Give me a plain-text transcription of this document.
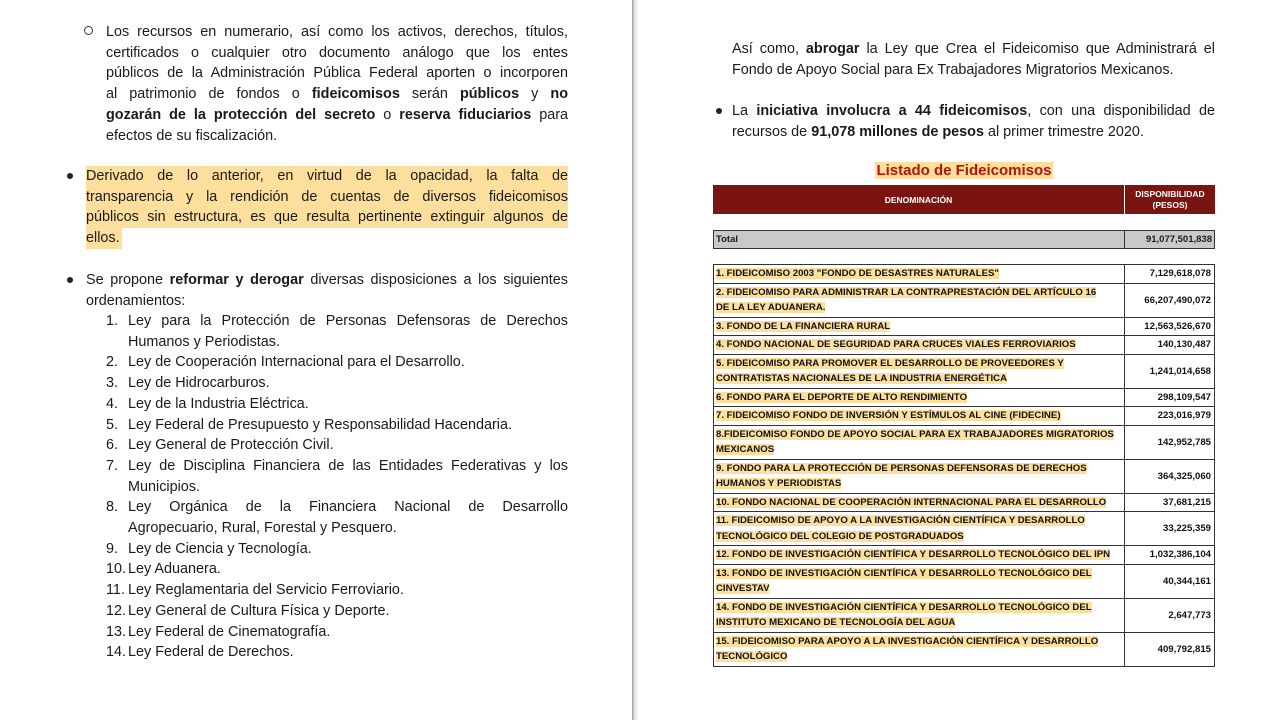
Los recursos en numerario, así como los activos, derechos, títulos,
certificados o cualquier otro documento análogo que los entes
públicos de la Administración Pública Federal aporten o incorporen
al patrimonio de fondos o fideicomisos serán públicos y no
gozarán de la protección del secreto o reserva fiduciarios para
efectos de su fiscalización.
Derivado de lo anterior, en virtud de la opacidad, la falta de
transparencia y la rendición de cuentas de diversos fideicomisos
públicos sin estructura, es que resulta pertinente extinguir algunos de
ellos.
Se propone reformar y derogar diversas disposiciones a los siguientes
ordenamientos:
1. Ley para la Protección de Personas Defensoras de Derechos
Humanos y Periodistas.
2. Ley de Cooperación Internacional para el Desarrollo.
3. Ley de Hidrocarburos.
4. Ley de la Industria Eléctrica.
5. Ley Federal de Presupuesto y Responsabilidad Hacendaria.
6. Ley General de Protección Civil.
7. Ley de Disciplina Financiera de las Entidades Federativas y los
Municipios.
8. Ley Orgánica de la Financiera Nacional de Desarrollo
Agropecuario, Rural, Forestal y Pesquero.
9. Ley de Ciencia y Tecnología.
10. Ley Aduanera.
11. Ley Reglamentaria del Servicio Ferroviario.
12. Ley General de Cultura Física y Deporte.
13. Ley Federal de Cinematografía.
14. Ley Federal de Derechos.
Así como, abrogar la Ley que Crea el Fideicomiso que Administrará el
Fondo de Apoyo Social para Ex Trabajadores Migratorios Mexicanos.
La iniciativa involucra a 44 fideicomisos, con una disponibilidad de
recursos de 91,078 millones de pesos al primer trimestre 2020.
Listado de Fideicomisos
DENOMINACIÓN
DISPONIBILIDAD
(PESOS)
Total	91,077,501,838
1. FIDEICOMISO 2003 "FONDO DE DESASTRES NATURALES"	7,129,618,078
2. FIDEICOMISO PARA ADMINISTRAR LA CONTRAPRESTACIÓN DEL ARTÍCULO 16
DE LA LEY ADUANERA.
66,207,490,072
3. FONDO DE LA FINANCIERA RURAL	12,563,526,670
4. FONDO NACIONAL DE SEGURIDAD PARA CRUCES VIALES FERROVIARIOS	140,130,487
5. FIDEICOMISO PARA PROMOVER EL DESARROLLO DE PROVEEDORES Y
CONTRATISTAS NACIONALES DE LA INDUSTRIA ENERGÉTICA
1,241,014,658
6. FONDO PARA EL DEPORTE DE ALTO RENDIMIENTO	298,109,547
7. FIDEICOMISO FONDO DE INVERSIÓN Y ESTÍMULOS AL CINE (FIDECINE)	223,016,979
8.FIDEICOMISO FONDO DE APOYO SOCIAL PARA EX TRABAJADORES MIGRATORIOS
MEXICANOS
142,952,785
9. FONDO PARA LA PROTECCIÓN DE PERSONAS DEFENSORAS DE DERECHOS
HUMANOS Y PERIODISTAS
364,325,060
10. FONDO NACIONAL DE COOPERACIÓN INTERNACIONAL PARA EL DESARROLLO	37,681,215
11. FIDEICOMISO DE APOYO A LA INVESTIGACIÓN CIENTÍFICA Y DESARROLLO
TECNOLÓGICO DEL COLEGIO DE POSTGRADUADOS
33,225,359
12. FONDO DE INVESTIGACIÓN CIENTÍFICA Y DESARROLLO TECNOLÓGICO DEL IPN	1,032,386,104
13. FONDO DE INVESTIGACIÓN CIENTÍFICA Y DESARROLLO TECNOLÓGICO DEL
CINVESTAV
40,344,161
14. FONDO DE INVESTIGACIÓN CIENTÍFICA Y DESARROLLO TECNOLÓGICO DEL
INSTITUTO MEXICANO DE TECNOLOGÍA DEL AGUA
2,647,773
15. FIDEICOMISO PARA APOYO A LA INVESTIGACIÓN CIENTÍFICA Y DESARROLLO
TECNOLÓGICO
409,792,815
